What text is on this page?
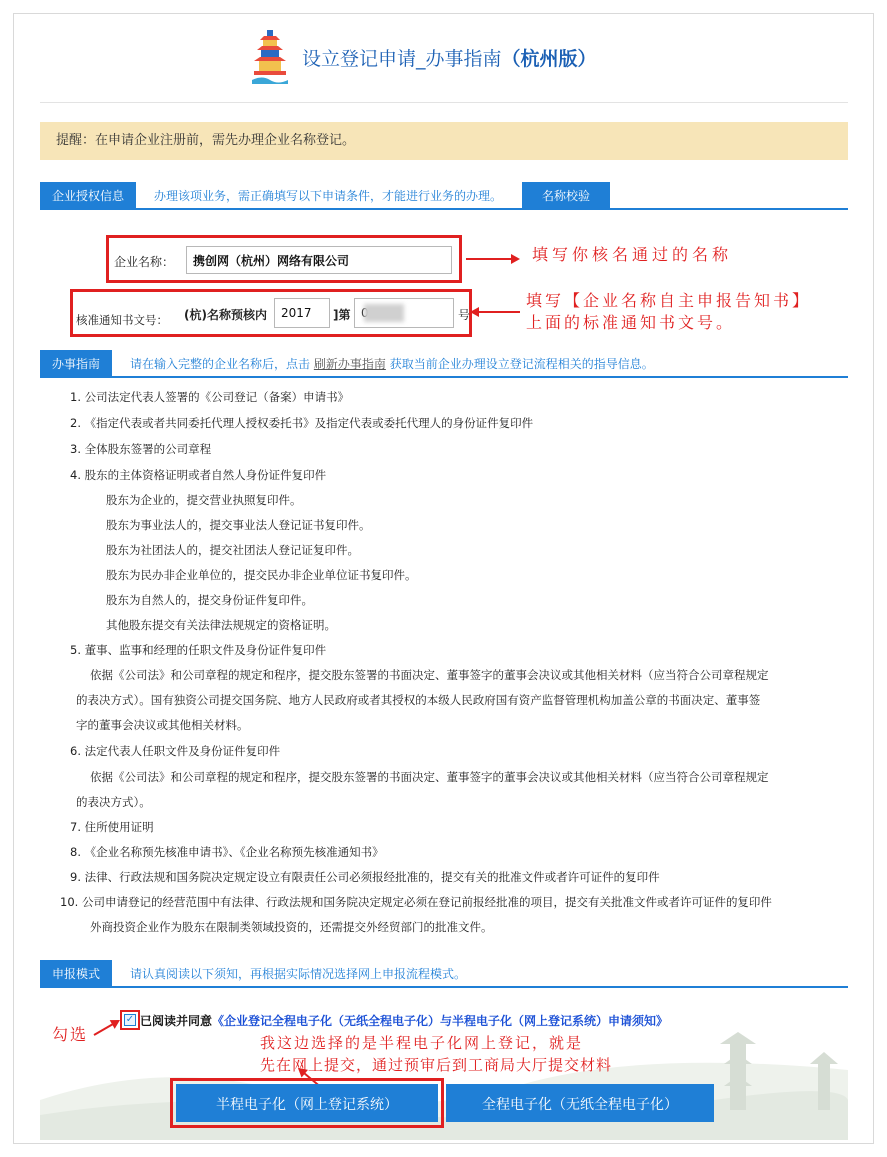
设立登记申请_办事指南（杭州版）
提醒：在申请企业注册前，需先办理企业名称登记。
企业授权信息	办理该项业务，需正确填写以下申请条件，才能进行业务的办理。	名称校验
企业名称：
携创网（杭州）网络有限公司	填写你核名通过的名称
核准通知书文号： (杭)名称预核内
2017	]第
0	号
填写【企业名称自主申报告知书】
上面的标准通知书文号。
办事指南	请在输入完整的企业名称后，点击 刷新办事指南 获取当前企业办理设立登记流程相关的指导信息。
1. 公司法定代表人签署的《公司登记（备案）申请书》
2. 《指定代表或者共同委托代理人授权委托书》及指定代表或委托代理人的身份证件复印件
3. 全体股东签署的公司章程
4. 股东的主体资格证明或者自然人身份证件复印件
股东为企业的，提交营业执照复印件。
股东为事业法人的，提交事业法人登记证书复印件。
股东为社团法人的，提交社团法人登记证复印件。
股东为民办非企业单位的，提交民办非企业单位证书复印件。
股东为自然人的，提交身份证件复印件。
其他股东提交有关法律法规规定的资格证明。
5. 董事、监事和经理的任职文件及身份证件复印件
依据《公司法》和公司章程的规定和程序，提交股东签署的书面决定、董事签字的董事会决议或其他相关材料（应当符合公司章程规定
的表决方式）。国有独资公司提交国务院、地方人民政府或者其授权的本级人民政府国有资产监督管理机构加盖公章的书面决定、董事签
字的董事会决议或其他相关材料。
6. 法定代表人任职文件及身份证件复印件
依据《公司法》和公司章程的规定和程序，提交股东签署的书面决定、董事签字的董事会决议或其他相关材料（应当符合公司章程规定
的表决方式）。
7. 住所使用证明
8. 《企业名称预先核准申请书》、《企业名称预先核准通知书》
9. 法律、行政法规和国务院决定规定设立有限责任公司必须报经批准的，提交有关的批准文件或者许可证件的复印件
10. 公司申请登记的经营范围中有法律、行政法规和国务院决定规定必须在登记前报经批准的项目，提交有关批准文件或者许可证件的复印件
外商投资企业作为股东在限制类领域投资的，还需提交外经贸部门的批准文件。
申报模式	请认真阅读以下须知，再根据实际情况选择网上申报流程模式。
✓ 已阅读并同意《企业登记全程电子化（无纸全程电子化）与半程电子化（网上登记系统）申请须知》
勾选	我这边选择的是半程电子化网上登记，就是
先在网上提交，通过预审后到工商局大厅提交材料
半程电子化（网上登记系统）	全程电子化（无纸全程电子化）
